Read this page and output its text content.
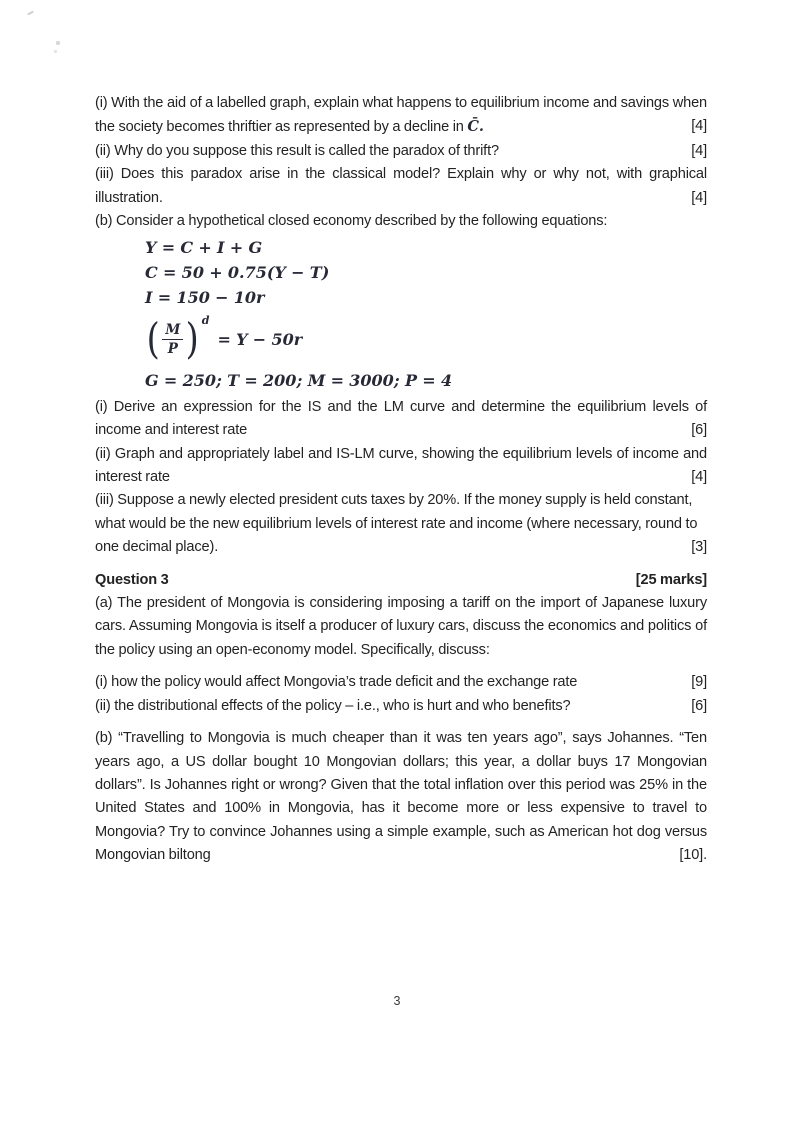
(i) With the aid of a labelled graph, explain what happens to equilibrium income and savings when the society becomes thriftier as represented by a decline in C̄.	[4]

(ii) Why do you suppose this result is called the paradox of thrift?	[4]

(iii) Does this paradox arise in the classical model? Explain why or why not, with graphical illustration.	[4]

(b) Consider a hypothetical closed economy described by the following equations:

Y = C + I + G

C = 50 + 0.75(Y − T)

I = 150 − 10r

( $\frac{M}{P}$ ) d
= Y − 50r

G = 250; T = 200; M = 3000; P = 4

(i) Derive an expression for the IS and the LM curve and determine the equilibrium levels of income and interest rate	[6]

(ii) Graph and appropriately label and IS-LM curve, showing the equilibrium levels of income and interest rate	[4]

(iii) Suppose a newly elected president cuts taxes by 20%. If the money supply is held constant, what would be the new equilibrium levels of interest rate and income (where necessary, round to one decimal place).	[3]

Question 3	[25 marks]

(a) The president of Mongovia is considering imposing a tariff on the import of Japanese luxury cars. Assuming Mongovia is itself a producer of luxury cars, discuss the economics and politics of the policy using an open-economy model. Specifically, discuss:

(i) how the policy would affect Mongovia’s trade deficit and the exchange rate	[9]

(ii) the distributional effects of the policy – i.e., who is hurt and who benefits?	[6]

(b) “Travelling to Mongovia is much cheaper than it was ten years ago”, says Johannes. “Ten years ago, a US dollar bought 10 Mongovian dollars; this year, a dollar buys 17 Mongovian dollars”. Is Johannes right or wrong? Given that the total inflation over this period was 25% in the United States and 100% in Mongovia, has it become more or less expensive to travel to Mongovia? Try to convince Johannes using a simple example, such as American hot dog versus Mongovian biltong	[10].

3
